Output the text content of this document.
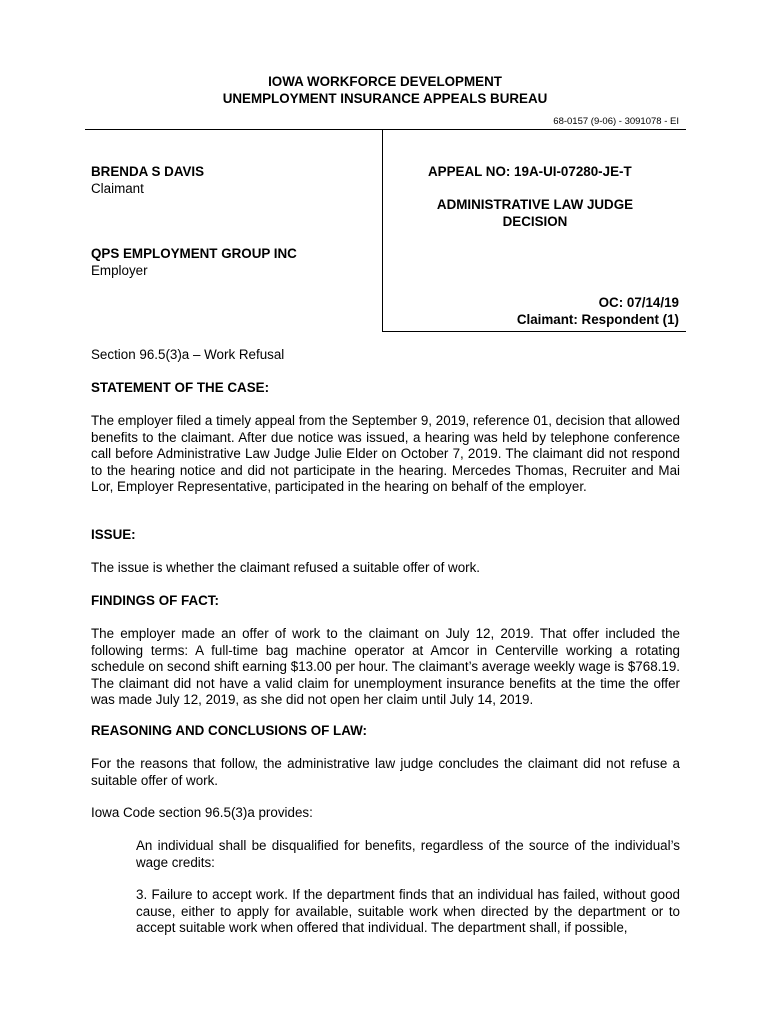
IOWA WORKFORCE DEVELOPMENT
UNEMPLOYMENT INSURANCE APPEALS BUREAU
68-0157 (9-06) - 3091078 - EI
BRENDA S DAVIS
Claimant
QPS EMPLOYMENT GROUP INC
Employer
APPEAL NO: 19A-UI-07280-JE-T
ADMINISTRATIVE LAW JUDGE
DECISION
OC: 07/14/19
Claimant: Respondent (1)
Section 96.5(3)a – Work Refusal
STATEMENT OF THE CASE:
The employer filed a timely appeal from the September 9, 2019, reference 01, decision that allowed benefits to the claimant. After due notice was issued, a hearing was held by telephone conference call before Administrative Law Judge Julie Elder on October 7, 2019. The claimant did not respond to the hearing notice and did not participate in the hearing. Mercedes Thomas, Recruiter and Mai Lor, Employer Representative, participated in the hearing on behalf of the employer.
ISSUE:
The issue is whether the claimant refused a suitable offer of work.
FINDINGS OF FACT:
The employer made an offer of work to the claimant on July 12, 2019. That offer included the following terms: A full-time bag machine operator at Amcor in Centerville working a rotating schedule on second shift earning $13.00 per hour. The claimant’s average weekly wage is $768.19. The claimant did not have a valid claim for unemployment insurance benefits at the time the offer was made July 12, 2019, as she did not open her claim until July 14, 2019.
REASONING AND CONCLUSIONS OF LAW:
For the reasons that follow, the administrative law judge concludes the claimant did not refuse a suitable offer of work.
Iowa Code section 96.5(3)a provides:
An individual shall be disqualified for benefits, regardless of the source of the individual’s wage credits:
3. Failure to accept work. If the department finds that an individual has failed, without good cause, either to apply for available, suitable work when directed by the department or to accept suitable work when offered that individual. The department shall, if possible,
